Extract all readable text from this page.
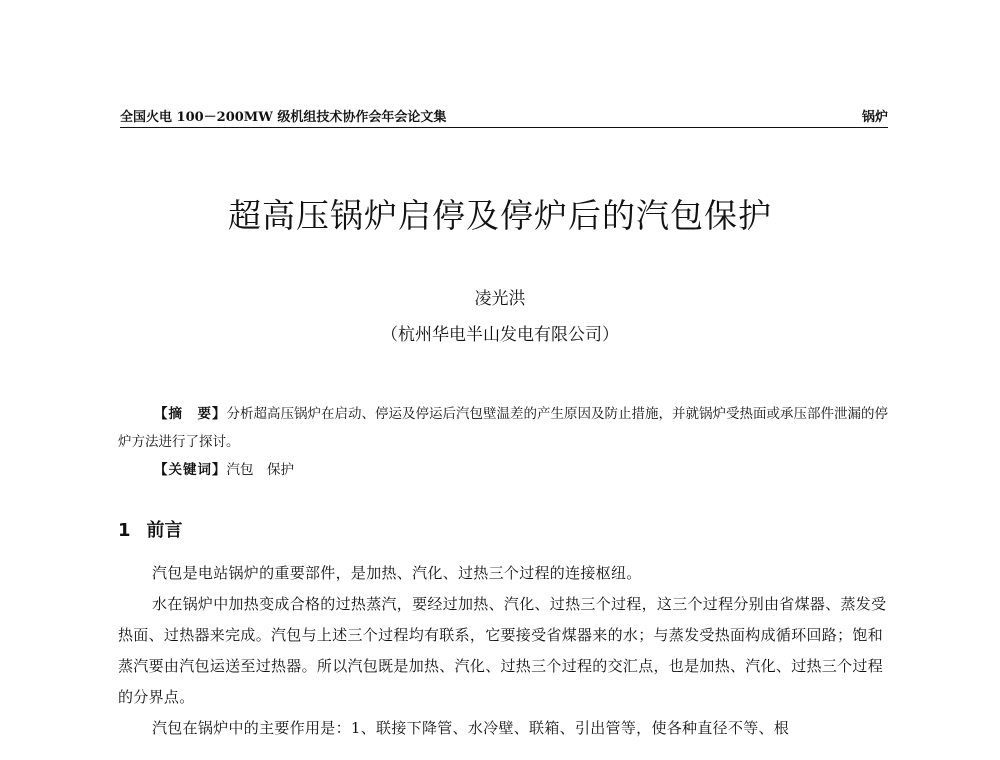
全国火电 100－200MW 级机组技术协作会年会论文集	锅炉
超高压锅炉启停及停炉后的汽包保护
凌光洪
（杭州华电半山发电有限公司）

【摘　要】分析超高压锅炉在启动、停运及停运后汽包壁温差的产生原因及防止措施，并就锅炉受热面或承压部件泄漏的停炉方法进行了探讨。

【关键词】汽包　保护

1 前言

汽包是电站锅炉的重要部件，是加热、汽化、过热三个过程的连接枢纽。

水在锅炉中加热变成合格的过热蒸汽，要经过加热、汽化、过热三个过程，这三个过程分别由省煤器、蒸发受热面、过热器来完成。汽包与上述三个过程均有联系，它要接受省煤器来的水；与蒸发受热面构成循环回路；饱和蒸汽要由汽包运送至过热器。所以汽包既是加热、汽化、过热三个过程的交汇点，也是加热、汽化、过热三个过程的分界点。

汽包在锅炉中的主要作用是：1、联接下降管、水冷壁、联箱、引出管等，使各种直径不等、根
